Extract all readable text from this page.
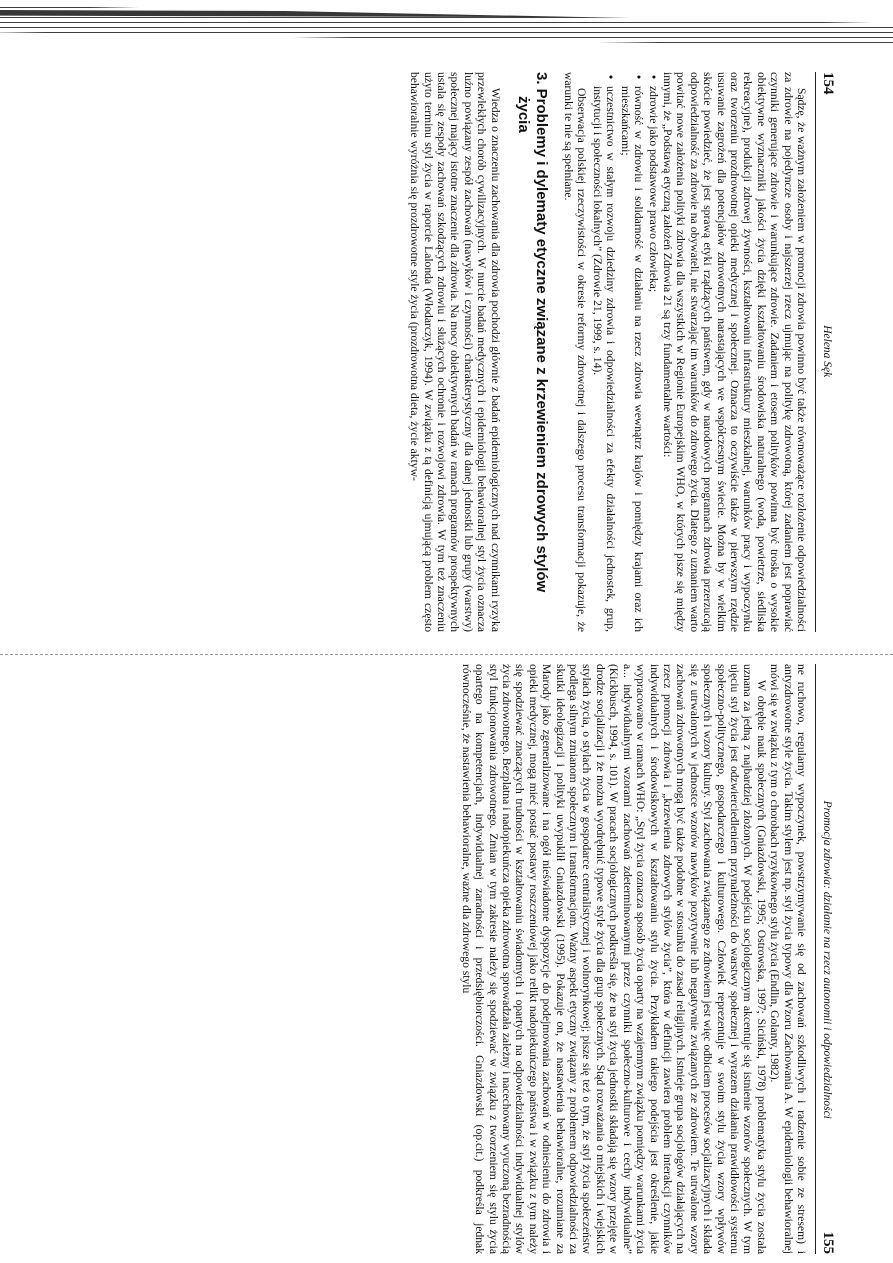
154
Helena Sęk

Sądzę, że ważnym założeniem w promocji zdrowia powinno być także równoważące rozłożenie odpowiedzialności za zdrowie na pojedyncze osoby i najszerzej rzecz ujmując na politykę zdrowotną, której zadaniem jest poprawiać czynniki generujące zdrowie i warunkujące zdrowie. Zadaniem i etosem polityków powinna być troska o wysokie obiektywne wyznaczniki jakości życia dzięki kształtowaniu środowiska naturalnego (woda, powietrze, siedliska rekreacyjne), produkcji zdrowej żywności, kształtowaniu infrastruktury mieszkalnej, warunków pracy i wypoczynku oraz tworzeniu prozdrowotnej opieki medycznej i społecznej. Oznacza to oczywiście także w pierwszym rzędzie usuwanie zagrożeń dla potencjałów zdrowotnych narastających we współczesnym świecie. Można by w wielkim skrócie powiedzieć, że jest sprawą etyki rządzących państwem, gdy w narodowych programach zdrowia przerzucają odpowiedzialność za zdrowie na obywateli, nie stwarzając im warunków do zdrowego życia. Dlatego z uznaniem warto powitać nowe założenia polityki zdrowia dla wszystkich w Regionie Europejskim WHO, w których pisze się między innymi, że „Podstawą etyczną założeń Zdrowia 21 są trzy fundamentalne wartości:

• zdrowie jako podstawowe prawo człowieka;
• równość w zdrowiu i solidarność w działaniu na rzecz zdrowia wewnątrz krajów i pomiędzy krajami oraz ich mieszkańcami;
• uczestnictwo w stałym rozwoju dziedziny zdrowia i odpowiedzialności za efekty działalności jednostek, grup, instytucji i społeczności lokalnych” (Zdrowie 21, 1999, s. 14).

Obserwacja polskiej rzeczywistości w okresie reformy zdrowotnej i dalszego procesu transformacji pokazuje, że warunki te nie są spełniane.

3. Problemy i dylematy etyczne związane z krzewieniem zdrowych stylów życia

Wiedza o znaczeniu zachowania dla zdrowia pochodzi głównie z badań epidemiologicznych nad czynnikami ryzyka przewlekłych chorób cywilizacyjnych. W nurcie badań medycznych i epidemiologii behawioralnej styl życia oznacza luźno powiązany zespół zachowań (nawyków i czynności) charakterystyczny dla danej jednostki lub grupy (warstwy) społecznej mający istotne znaczenie dla zdrowia. Na mocy obiektywnych badań w ramach programów prospektywnych ustala się zespoły zachowań szkodzących zdrowiu i służących ochronie i rozwojowi zdrowia. W tym też znaczeniu użyto terminu styl życia w raporcie Lalonda (Włodarczyk, 1994). W związku z tą definicją ujmującą problem często behawioralnie wyróżnia się prozdrowotne style życia (prozdrowotna dieta, życie aktyw-

Promocja zdrowia: działanie na rzecz autonomii i odpowiedzialności
155

ne ruchowo, regularny wypoczynek, powstrzymywanie się od zachowań szkodliwych i radzenie sobie ze stresem) i antyzdrowotne style życia. Takim stylem jest np. styl życia typowy dla Wzoru Zachowania A. W epidemiologii behawioralnej mówi się w związku z tym o chorobach ryzykownego stylu życia (Endlin, Golanty, 1982).

W obrębie nauk społecznych (Gniazdowski, 1995; Ostrowska, 1997; Siciński, 1978) problematyka stylu życia została uznana za jedną z najbardziej złożonych. W podejściu socjologicznym akcentuje się istnienie wzorów społecznych. W tym ujęciu styl życia jest odzwierciedleniem przynależności do warstwy społecznej i wyrazem działania prawidłowości systemu społeczno-politycznego, gospodarczego i kulturowego. Człowiek reprezentuje w swoim stylu życia wzory wpływów społecznych i wzory kultury. Styl zachowania związanego ze zdrowiem jest więc odbiciem procesów socjalizacyjnych i składa się z utrwalonych w jednostce wzorów nawyków pozytywnie lub negatywnie związanych ze zdrowiem. Te utrwalone wzory zachowań zdrowotnych mogą być także podobne w stosunku do zasad religijnych. Istnieje grupa socjologów działających na rzecz promocji zdrowia i „krzewienia zdrowych stylów życia”, która w definicji zawiera problem interakcji czynników indywidualnych i środowiskowych w kształtowaniu stylu życia. Przykładem takiego podejścia jest określenie, jakie wypracowano w ramach WHO: „Styl życia oznacza sposób życia oparty na wzajemnym związku pomiędzy warunkami życia a... indywidualnymi wzorami zachowań zdeterminowanymi przez czynniki społeczno-kulturowe i cechy indywidualne” (Kickbusch, 1994, s. 101). W pracach socjologicznych podkreśla się, że na styl życia jednostki składają się wzory przejęte w drodze socjalizacji i że można wyodrębnić typowe style życia dla grup społecznych. Stąd rozważania o miejskich i wiejskich stylach życia, o stylach życia w gospodarce centralistycznej i wolnorynkowej; pisze się też o tym, że styl życia społeczeństw podlega silnym zmianom społecznym i transformacjom. Ważny aspekt etyczny związany z problemem odpowiedzialności za skutki ideologizacji i polityki uwypuklił Gniazdowski (1995). Pokazuje on, że nastawienia behawioralne, rozumiane za Marody jako zgeneralizowane i na ogół nieświadome dyspozycje do podejmowania zachowań w odniesieniu do zdrowia i opieki medycznej, mogą mieć postać postawy roszczeniowej jako relikt nadopiekuńczego państwa i w związku z tym należy się spodziewać znaczących trudności w kształtowaniu świadomych i opartych na odpowiedzialności indywidualnej stylów życia zdrowotnego. Bezplatna i nadopiekuńcza opieka zdrowotna sprowadzała zależny i nacechowany wyuczoną bezradnością styl funkcjonowania zdrowotnego. Zmian w tym zakresie należy się spodziewać w związku z tworzeniem się stylu życia opartego na kompetencjach, indywidualnej zaradności i przedsiębiorczości. Gniazdowski (op.cit.) podkreśla jednak równocześnie, że nastawienia behawioralne, ważne dla zdrowego stylu
